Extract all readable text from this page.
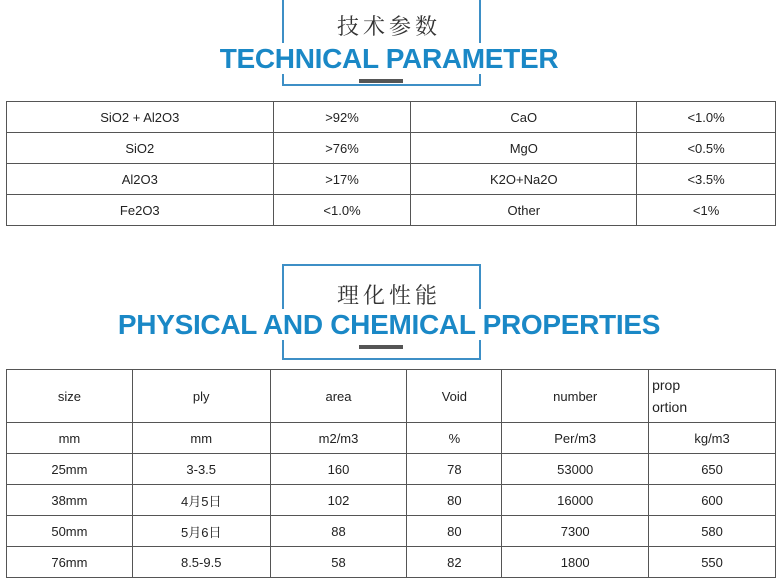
技术参数
TECHNICAL PARAMETER
SiO2 + Al2O3	>92%	CaO	<1.0%
SiO2	>76%	MgO	<0.5%
Al2O3	>17%	K2O+Na2O	<3.5%
Fe2O3	<1.0%	Other	<1%
理化性能
PHYSICAL AND CHEMICAL PROPERTIES
size	ply	area	Void	number	prop
ortion
mm	mm	m2/m3	%	Per/m3	kg/m3
25mm	3-3.5	160	78	53000	650
38mm	4月5日	102	80	16000	600
50mm	5月6日	88	80	7300	580
76mm	8.5-9.5	58	82	1800	550
